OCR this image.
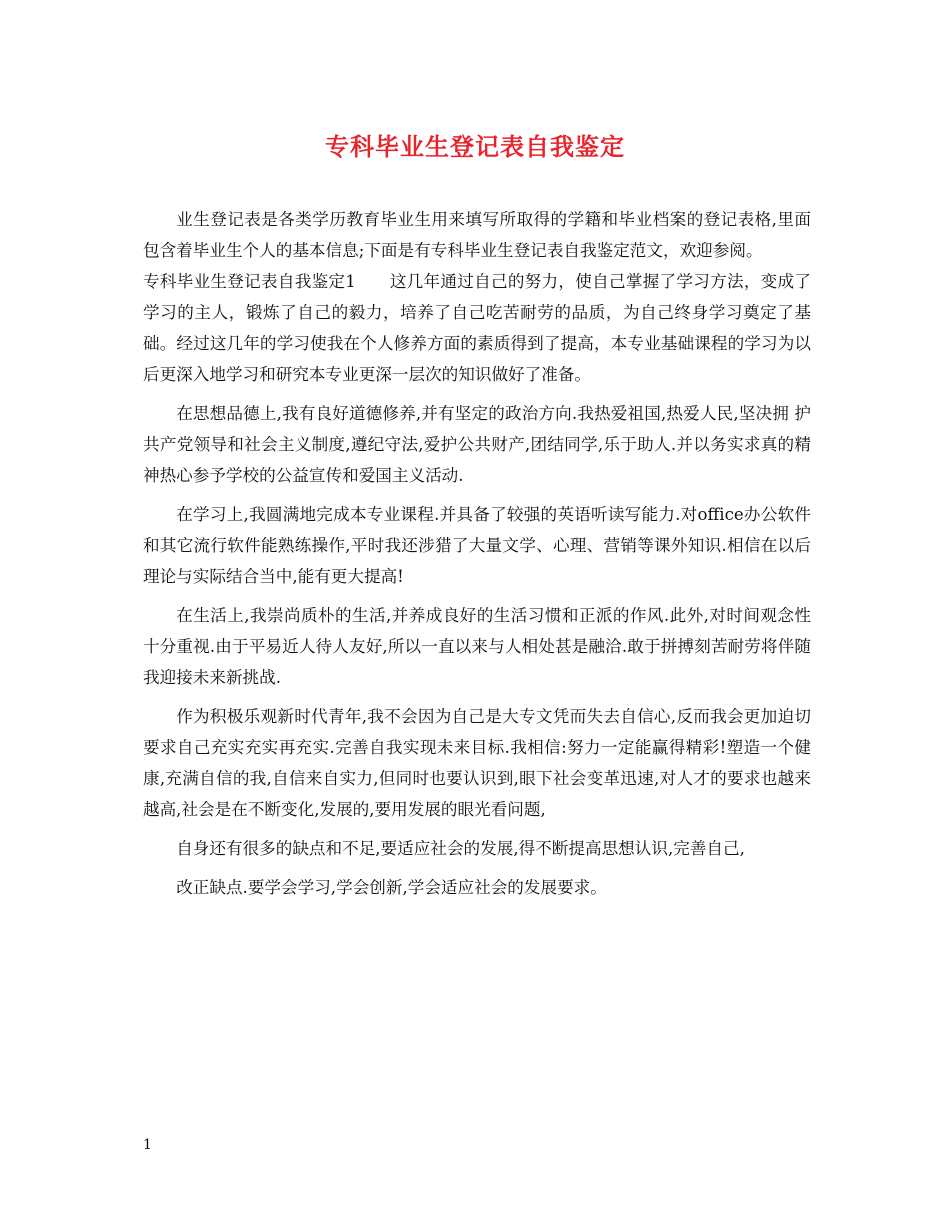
专科毕业生登记表自我鉴定

业生登记表是各类学历教育毕业生用来填写所取得的学籍和毕业档案的登记表格,里面包含着毕业生个人的基本信息;下面是有专科毕业生登记表自我鉴定范文，欢迎参阅。

专科毕业生登记表自我鉴定1　　这几年通过自己的努力，使自己掌握了学习方法，变成了学习的主人，锻炼了自己的毅力，培养了自己吃苦耐劳的品质，为自己终身学习奠定了基础。经过这几年的学习使我在个人修养方面的素质得到了提高，本专业基础课程的学习为以后更深入地学习和研究本专业更深一层次的知识做好了准备。

在思想品德上,我有良好道德修养,并有坚定的政治方向.我热爱祖国,热爱人民,坚决拥 护共产党领导和社会主义制度,遵纪守法,爱护公共财产,团结同学,乐于助人.并以务实求真的精神热心参予学校的公益宣传和爱国主义活动.

在学习上,我圆满地完成本专业课程.并具备了较强的英语听读写能力.对office办公软件和其它流行软件能熟练操作,平时我还涉猎了大量文学、心理、营销等课外知识.相信在以后理论与实际结合当中,能有更大提高!

在生活上,我崇尚质朴的生活,并养成良好的生活习惯和正派的作风.此外,对时间观念性十分重视.由于平易近人待人友好,所以一直以来与人相处甚是融洽.敢于拼搏刻苦耐劳将伴随我迎接未来新挑战.

作为积极乐观新时代青年,我不会因为自己是大专文凭而失去自信心,反而我会更加迫切要求自己充实充实再充实.完善自我实现未来目标.我相信:努力一定能赢得精彩!塑造一个健康,充满自信的我,自信来自实力,但同时也要认识到,眼下社会变革迅速,对人才的要求也越来越高,社会是在不断变化,发展的,要用发展的眼光看问题,

自身还有很多的缺点和不足,要适应社会的发展,得不断提高思想认识,完善自己,

改正缺点.要学会学习,学会创新,学会适应社会的发展要求。

1
